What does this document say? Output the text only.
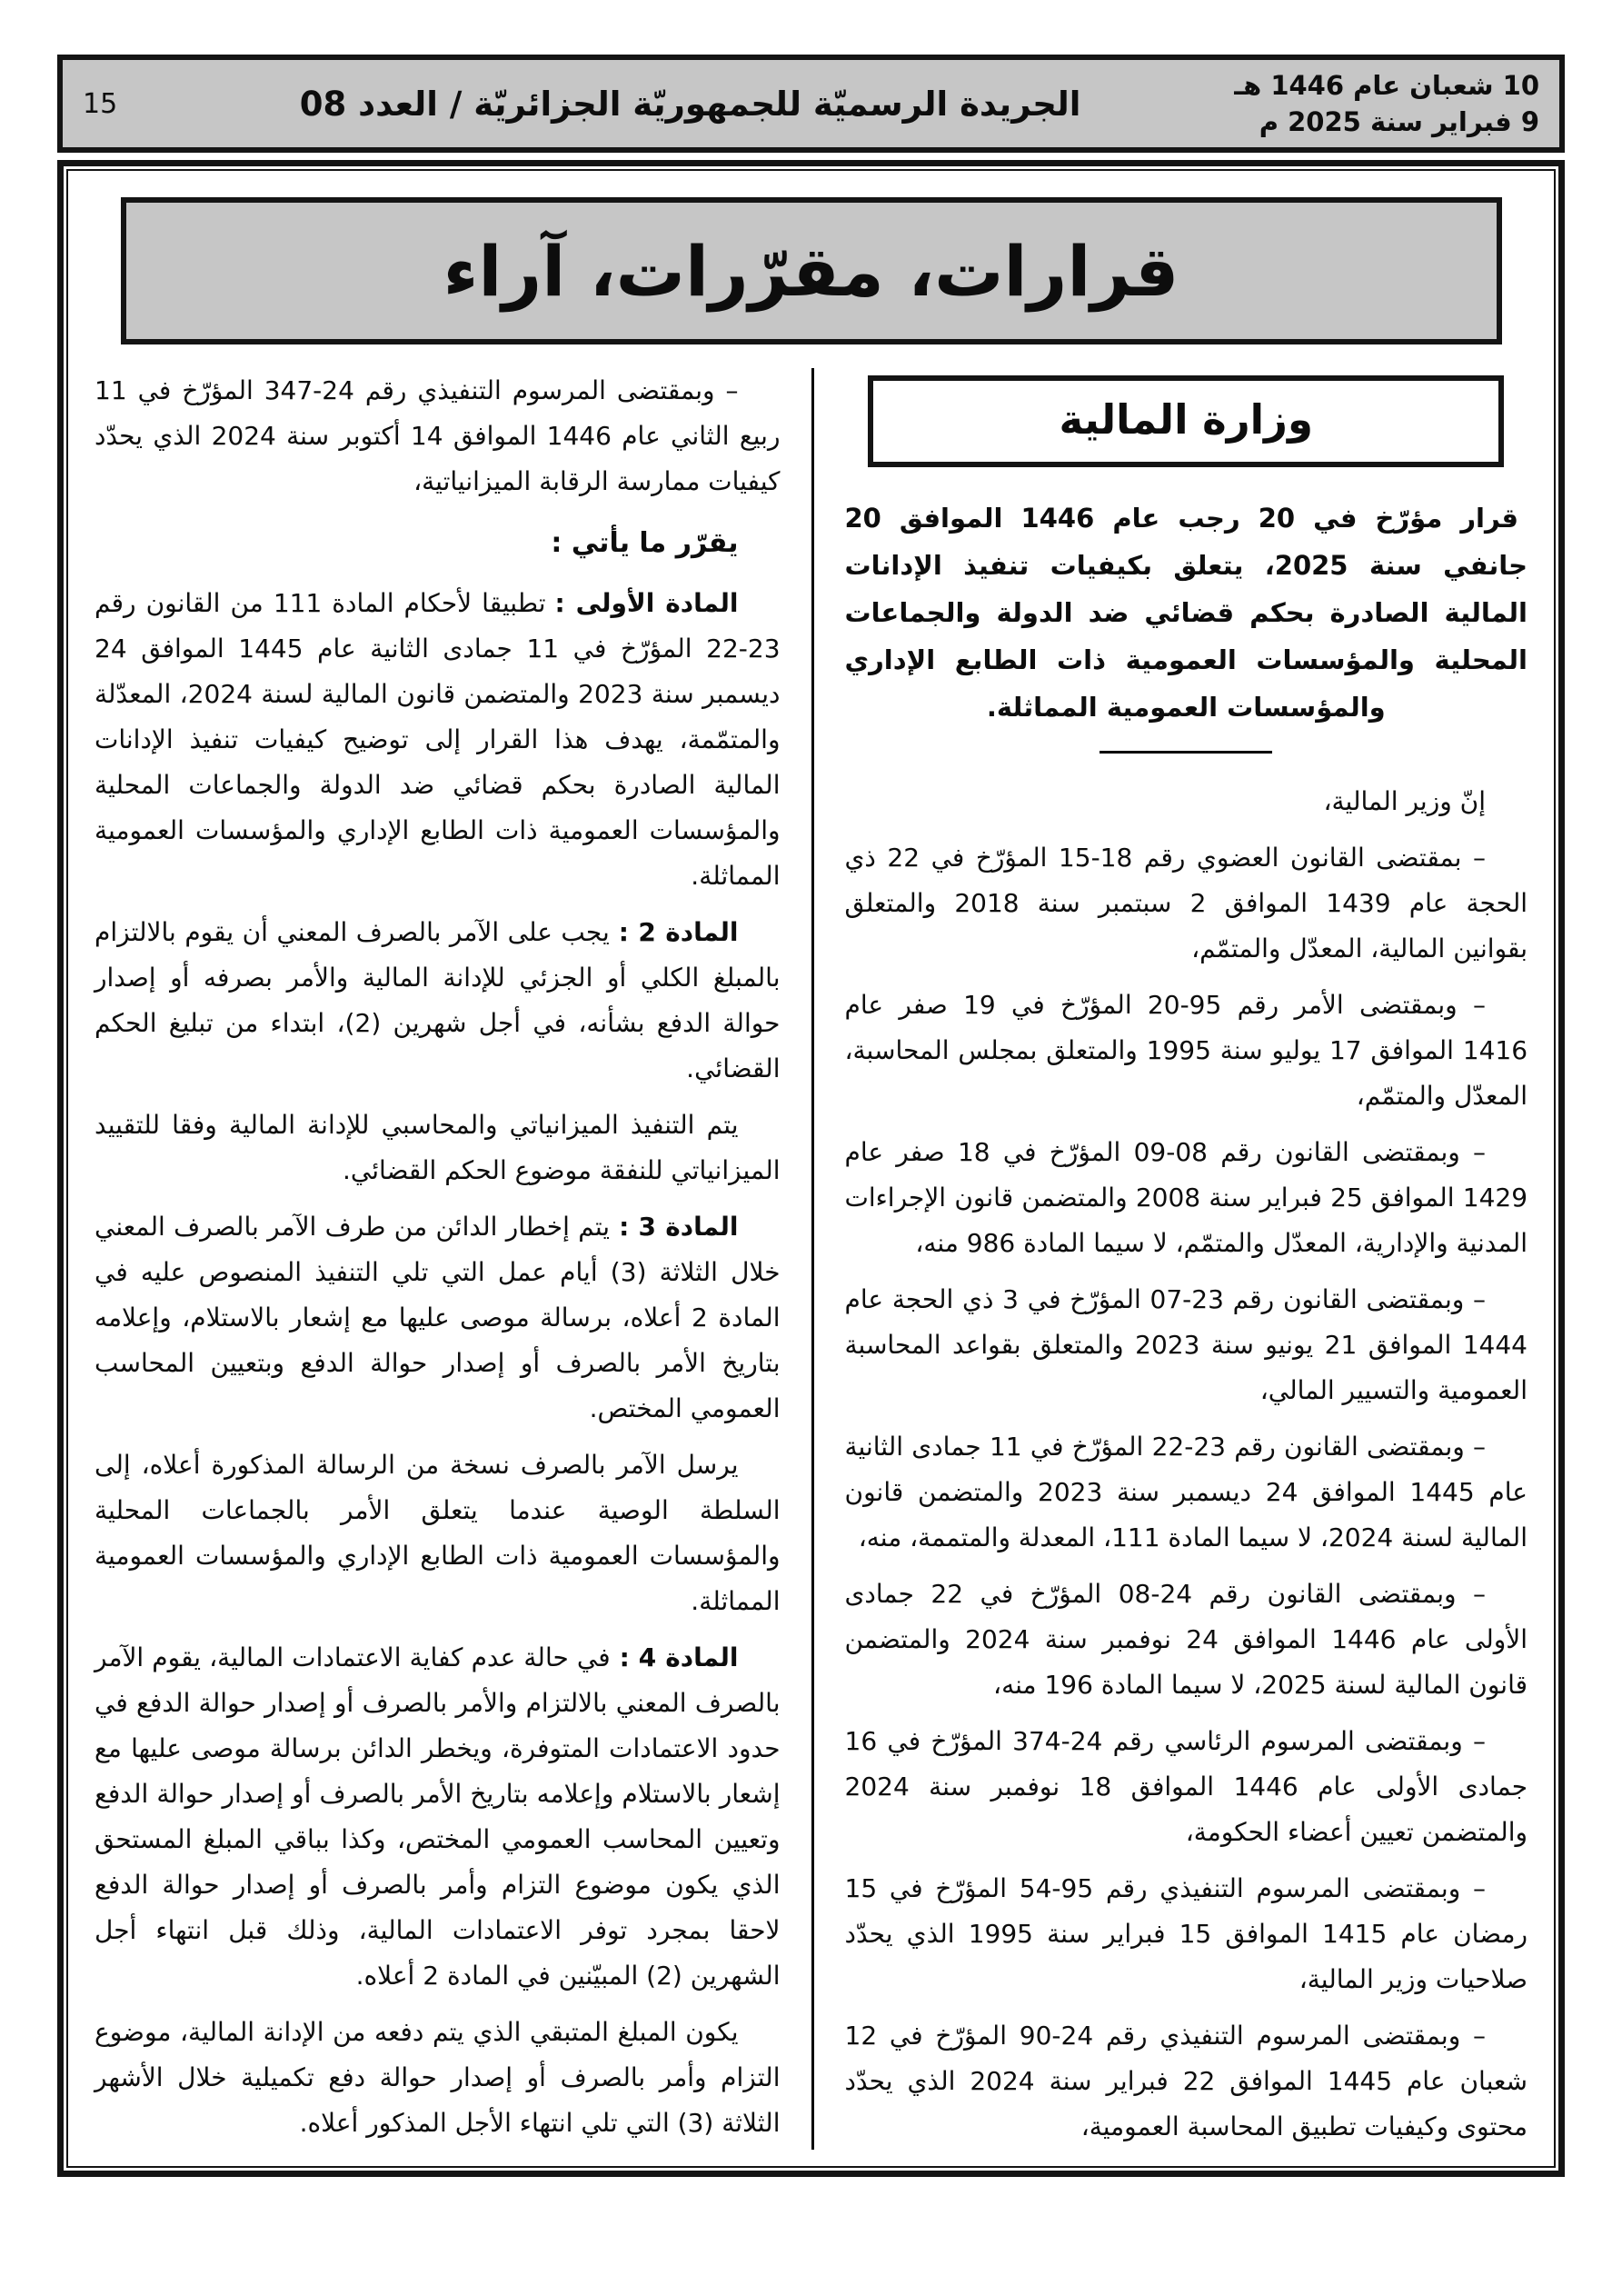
10 شعبان عام 1446 هـ
9 فبراير سنة 2025 م
الجريدة الرسميّة للجمهوريّة الجزائريّة / العدد 08
15
قرارات، مقرّرات، آراء
وزارة المالية

قرار مؤرّخ في 20 رجب عام 1446 الموافق 20 جانفي سنة 2025، يتعلق بكيفيات تنفيذ الإدانات المالية الصادرة بحكم قضائي ضد الدولة والجماعات المحلية والمؤسسات العمومية ذات الطابع الإداري والمؤسسات العمومية المماثلة.

إنّ وزير المالية،

– بمقتضى القانون العضوي رقم 18-15 المؤرّخ في 22 ذي الحجة عام 1439 الموافق 2 سبتمبر سنة 2018 والمتعلق بقوانين المالية، المعدّل والمتمّم،

– وبمقتضى الأمر رقم 95-20 المؤرّخ في 19 صفر عام 1416 الموافق 17 يوليو سنة 1995 والمتعلق بمجلس المحاسبة، المعدّل والمتمّم،

– وبمقتضى القانون رقم 08-09 المؤرّخ في 18 صفر عام 1429 الموافق 25 فبراير سنة 2008 والمتضمن قانون الإجراءات المدنية والإدارية، المعدّل والمتمّم، لا سيما المادة 986 منه،

– وبمقتضى القانون رقم 23-07 المؤرّخ في 3 ذي الحجة عام 1444 الموافق 21 يونيو سنة 2023 والمتعلق بقواعد المحاسبة العمومية والتسيير المالي،

– وبمقتضى القانون رقم 23-22 المؤرّخ في 11 جمادى الثانية عام 1445 الموافق 24 ديسمبر سنة 2023 والمتضمن قانون المالية لسنة 2024، لا سيما المادة 111، المعدلة والمتممة، منه،

– وبمقتضى القانون رقم 24-08 المؤرّخ في 22 جمادى الأولى عام 1446 الموافق 24 نوفمبر سنة 2024 والمتضمن قانون المالية لسنة 2025، لا سيما المادة 196 منه،

– وبمقتضى المرسوم الرئاسي رقم 24-374 المؤرّخ في 16 جمادى الأولى عام 1446 الموافق 18 نوفمبر سنة 2024 والمتضمن تعيين أعضاء الحكومة،

– وبمقتضى المرسوم التنفيذي رقم 95-54 المؤرّخ في 15 رمضان عام 1415 الموافق 15 فبراير سنة 1995 الذي يحدّد صلاحيات وزير المالية،

– وبمقتضى المرسوم التنفيذي رقم 24-90 المؤرّخ في 12 شعبان عام 1445 الموافق 22 فبراير سنة 2024 الذي يحدّد محتوى وكيفيات تطبيق المحاسبة العمومية،

– وبمقتضى المرسوم التنفيذي رقم 24-347 المؤرّخ في 11 ربيع الثاني عام 1446 الموافق 14 أكتوبر سنة 2024 الذي يحدّد كيفيات ممارسة الرقابة الميزانياتية،

يقرّر ما يأتي :

المادة الأولى :تطبيقا لأحكام المادة 111 من القانون رقم 23-22 المؤرّخ في 11 جمادى الثانية عام 1445 الموافق 24 ديسمبر سنة 2023 والمتضمن قانون المالية لسنة 2024، المعدّلة والمتمّمة، يهدف هذا القرار إلى توضيح كيفيات تنفيذ الإدانات المالية الصادرة بحكم قضائي ضد الدولة والجماعات المحلية والمؤسسات العمومية ذات الطابع الإداري والمؤسسات العمومية المماثلة.

المادة 2 :يجب على الآمر بالصرف المعني أن يقوم بالالتزام بالمبلغ الكلي أو الجزئي للإدانة المالية والأمر بصرفه أو إصدار حوالة الدفع بشأنه، في أجل شهرين (2)، ابتداء من تبليغ الحكم القضائي.

يتم التنفيذ الميزانياتي والمحاسبي للإدانة المالية وفقا للتقييد الميزانياتي للنفقة موضوع الحكم القضائي.

المادة 3 :يتم إخطار الدائن من طرف الآمر بالصرف المعني خلال الثلاثة (3) أيام عمل التي تلي التنفيذ المنصوص عليه في المادة 2 أعلاه، برسالة موصى عليها مع إشعار بالاستلام، وإعلامه بتاريخ الأمر بالصرف أو إصدار حوالة الدفع وبتعيين المحاسب العمومي المختص.

يرسل الآمر بالصرف نسخة من الرسالة المذكورة أعلاه، إلى السلطة الوصية عندما يتعلق الأمر بالجماعات المحلية والمؤسسات العمومية ذات الطابع الإداري والمؤسسات العمومية المماثلة.

المادة 4 :في حالة عدم كفاية الاعتمادات المالية، يقوم الآمر بالصرف المعني بالالتزام والأمر بالصرف أو إصدار حوالة الدفع في حدود الاعتمادات المتوفرة، ويخطر الدائن برسالة موصى عليها مع إشعار بالاستلام وإعلامه بتاريخ الأمر بالصرف أو إصدار حوالة الدفع وتعيين المحاسب العمومي المختص، وكذا بباقي المبلغ المستحق الذي يكون موضوع التزام وأمر بالصرف أو إصدار حوالة الدفع لاحقا بمجرد توفر الاعتمادات المالية، وذلك قبل انتهاء أجل الشهرين (2) المبيّنين في المادة 2 أعلاه.

يكون المبلغ المتبقي الذي يتم دفعه من الإدانة المالية، موضوع التزام وأمر بالصرف أو إصدار حوالة دفع تكميلية خلال الأشهر الثلاثة (3) التي تلي انتهاء الأجل المذكور أعلاه.
